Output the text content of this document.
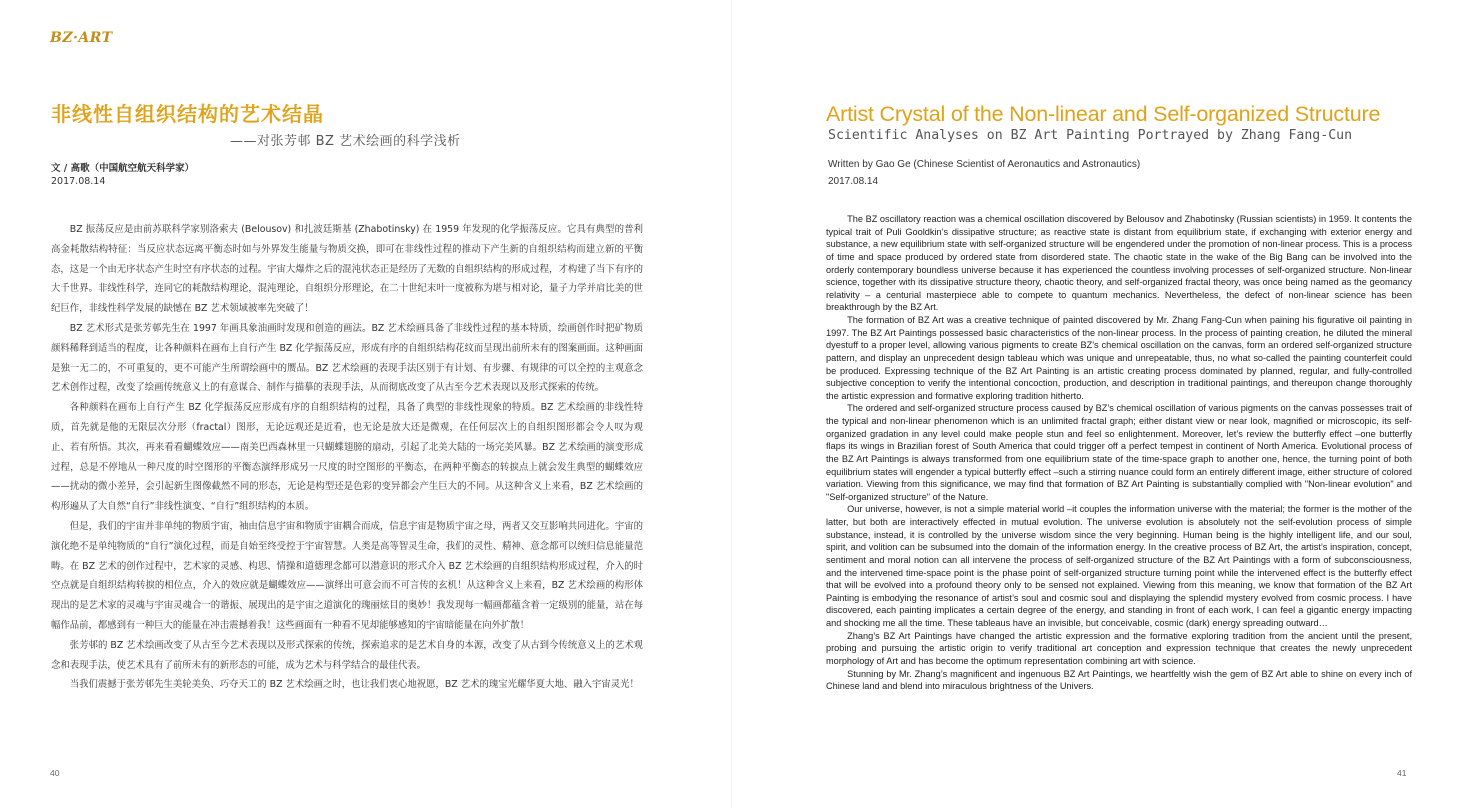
BZ·ART
非线性自组织结构的艺术结晶
——对张芳邨 BZ 艺术绘画的科学浅析
文 / 高歌（中国航空航天科学家）
2017.08.14

BZ 振荡反应是由前苏联科学家别洛索夫 (Belousov) 和扎波廷斯基 (Zhabotinsky) 在 1959 年发现的化学振荡反应。它具有典型的普利高金耗散结构特征：当反应状态远离平衡态时如与外界发生能量与物质交换，即可在非线性过程的推动下产生新的自组织结构而建立新的平衡态，这是一个由无序状态产生时空有序状态的过程。宇宙大爆炸之后的混沌状态正是经历了无数的自组织结构的形成过程，才构建了当下有序的大千世界。非线性科学，连同它的耗散结构理论，混沌理论，自组织分形理论，在二十世纪末叶一度被称为堪与相对论，量子力学并肩比美的世纪巨作，非线性科学发展的缺憾在 BZ 艺术领域被率先突破了！

BZ 艺术形式是张芳邨先生在 1997 年画具象油画时发现和创造的画法。BZ 艺术绘画具备了非线性过程的基本特质，绘画创作时把矿物质颜料稀释到适当的程度，让各种颜料在画布上自行产生 BZ 化学振荡反应，形成有序的自组织结构花纹而呈现出前所未有的图案画面。这种画面是独一无二的，不可重复的，更不可能产生所谓绘画中的赝品。BZ 艺术绘画的表现手法区别于有计划、有步骤、有规律的可以全控的主观意念艺术创作过程，改变了绘画传统意义上的有意谋合、制作与描摹的表现手法，从而彻底改变了从古至今艺术表现以及形式探索的传统。

各种颜料在画布上自行产生 BZ 化学振荡反应形成有序的自组织结构的过程，具备了典型的非线性现象的特质。BZ 艺术绘画的非线性特质，首先就是他的无限层次分形（fractal）图形，无论远观还是近看，也无论是放大还是微观，在任何层次上的自组织图形都会令人叹为观止、若有所悟。其次，再来看看蝴蝶效应——南美巴西森林里一只蝴蝶翅膀的扇动，引起了北美大陆的一场完美风暴。BZ 艺术绘画的演变形成过程，总是不停地从一种尺度的时空图形的平衡态演绎形成另一尺度的时空图形的平衡态，在两种平衡态的转捩点上就会发生典型的蝴蝶效应——扰动的微小差异，会引起新生图像截然不同的形态，无论是构型还是色彩的变异都会产生巨大的不同。从这种含义上来看，BZ 艺术绘画的构形遍从了大自然“自行”非线性演变、“自行”组织结构的本质。

但是，我们的宇宙并非单纯的物质宇宙，袖由信息宇宙和物质宇宙耦合而成，信息宇宙是物质宇宙之母，两者又交互影响共同进化。宇宙的演化绝不是单纯物质的“自行”演化过程，而是自始至终受控于宇宙智慧。人类是高等智灵生命，我们的灵性、精神、意念都可以统归信息能量范畴。在 BZ 艺术的创作过程中，艺术家的灵感、构思、情操和道德理念都可以潜意识的形式介入 BZ 艺术绘画的自组织结构形成过程，介入的时空点就是自组织结构转捩的相位点，介入的效应就是蝴蝶效应——演绎出可意会而不可言传的玄机！从这种含义上来看，BZ 艺术绘画的构形体现出的是艺术家的灵魂与宇宙灵魂合一的谐振、展现出的是宇宙之道演化的瑰丽炫目的奥妙！我发现每一幅画都蕴含着一定级别的能量，站在每幅作品前，都感到有一种巨大的能量在冲击震撼着我！这些画面有一种看不见却能够感知的宇宙暗能量在向外扩散！

张芳邨的 BZ 艺术绘画改变了从古至今艺术表现以及形式探索的传统，探索追求的是艺术自身的本源，改变了从古到今传统意义上的艺术观念和表现手法，使艺术具有了前所未有的新形态的可能，成为艺术与科学结合的最佳代表。

当我们震撼于张芳邨先生美轮美奂、巧夺天工的 BZ 艺术绘画之时，也让我们衷心地祝愿，BZ 艺术的瑰宝光耀华夏大地、融入宇宙灵光！

40
Artist Crystal of the Non-linear and Self-organized Structure
Scientific Analyses on BZ Art Painting Portrayed by Zhang Fang-Cun
Written by Gao Ge (Chinese Scientist of Aeronautics and Astronautics)
2017.08.14

The BZ oscillatory reaction was a chemical oscillation discovered by Belousov and Zhabotinsky (Russian scientists) in 1959. It contents the typical trait of Puli Gooldkin’s dissipative structure; as reactive state is distant from equilibrium state, if exchanging with exterior energy and substance, a new equilibrium state with self-organized structure will be engendered under the promotion of non-linear process. This is a process of time and space produced by ordered state from disordered state. The chaotic state in the wake of the Big Bang can be involved into the orderly contemporary boundless universe because it has experienced the countless involving processes of self-organized structure. Non-linear science, together with its dissipative structure theory, chaotic theory, and self-organized fractal theory, was once being named as the geomancy relativity – a centurial masterpiece able to compete to quantum mechanics. Nevertheless, the defect of non-linear science has been breakthrough by the BZ Art.

The formation of BZ Art was a creative technique of painted discovered by Mr. Zhang Fang-Cun when paining his figurative oil painting in 1997. The BZ Art Paintings possessed basic characteristics of the non-linear process. In the process of painting creation, he diluted the mineral dyestuff to a proper level, allowing various pigments to create BZ’s chemical oscillation on the canvas, form an ordered self-organized structure pattern, and display an unprecedent design tableau which was unique and unrepeatable, thus, no what so-called the painting counterfeit could be produced. Expressing technique of the BZ Art Painting is an artistic creating process dominated by planned, regular, and fully-controlled subjective conception to verify the intentional concoction, production, and description in traditional paintings, and thereupon change thoroughly the artistic expression and formative exploring tradition hitherto.

The ordered and self-organized structure process caused by BZ’s chemical oscillation of various pigments on the canvas possesses trait of the typical and non-linear phenomenon which is an unlimited fractal graph; either distant view or near look, magnified or microscopic, its self-organized gradation in any level could make people stun and feel so enlightenment. Moreover, let’s review the butterfly effect –one butterfly flaps its wings in Brazilian forest of South America that could trigger off a perfect tempest in continent of North America. Evolutional process of the BZ Art Paintings is always transformed from one equilibrium state of the time-space graph to another one, hence, the turning point of both equilibrium states will engender a typical butterfly effect –such a stirring nuance could form an entirely different image, either structure of colored variation. Viewing from this significance, we may find that formation of BZ Art Painting is substantially complied with "Non-linear evolution" and "Self-organized structure" of the Nature.

Our universe, however, is not a simple material world –it couples the information universe with the material; the former is the mother of the latter, but both are interactively effected in mutual evolution. The universe evolution is absolutely not the self-evolution process of simple substance, instead, it is controlled by the universe wisdom since the very beginning. Human being is the highly intelligent life, and our soul, spirit, and volition can be subsumed into the domain of the information energy. In the creative process of BZ Art, the artist’s inspiration, concept, sentiment and moral notion can all intervene the process of self-organized structure of the BZ Art Paintings with a form of subconsciousness, and the intervened time-space point is the phase point of self-organized structure turning point while the intervened effect is the butterfly effect that will be evolved into a profound theory only to be sensed not explained. Viewing from this meaning, we know that formation of the BZ Art Painting is embodying the resonance of artist’s soul and cosmic soul and displaying the splendid mystery evolved from cosmic process. I have discovered, each painting implicates a certain degree of the energy, and standing in front of each work, I can feel a gigantic energy impacting and shocking me all the time. These tableaus have an invisible, but conceivable, cosmic (dark) energy spreading outward…

Zhang’s BZ Art Paintings have changed the artistic expression and the formative exploring tradition from the ancient until the present, probing and pursuing the artistic origin to verify traditional art conception and expression technique that creates the newly unprecedent morphology of Art and has become the optimum representation combining art with science.

Stunning by Mr. Zhang’s magnificent and ingenuous BZ Art Paintings, we heartfeltly wish the gem of BZ Art able to shine on every inch of Chinese land and blend into miraculous brightness of the Univers.

41
